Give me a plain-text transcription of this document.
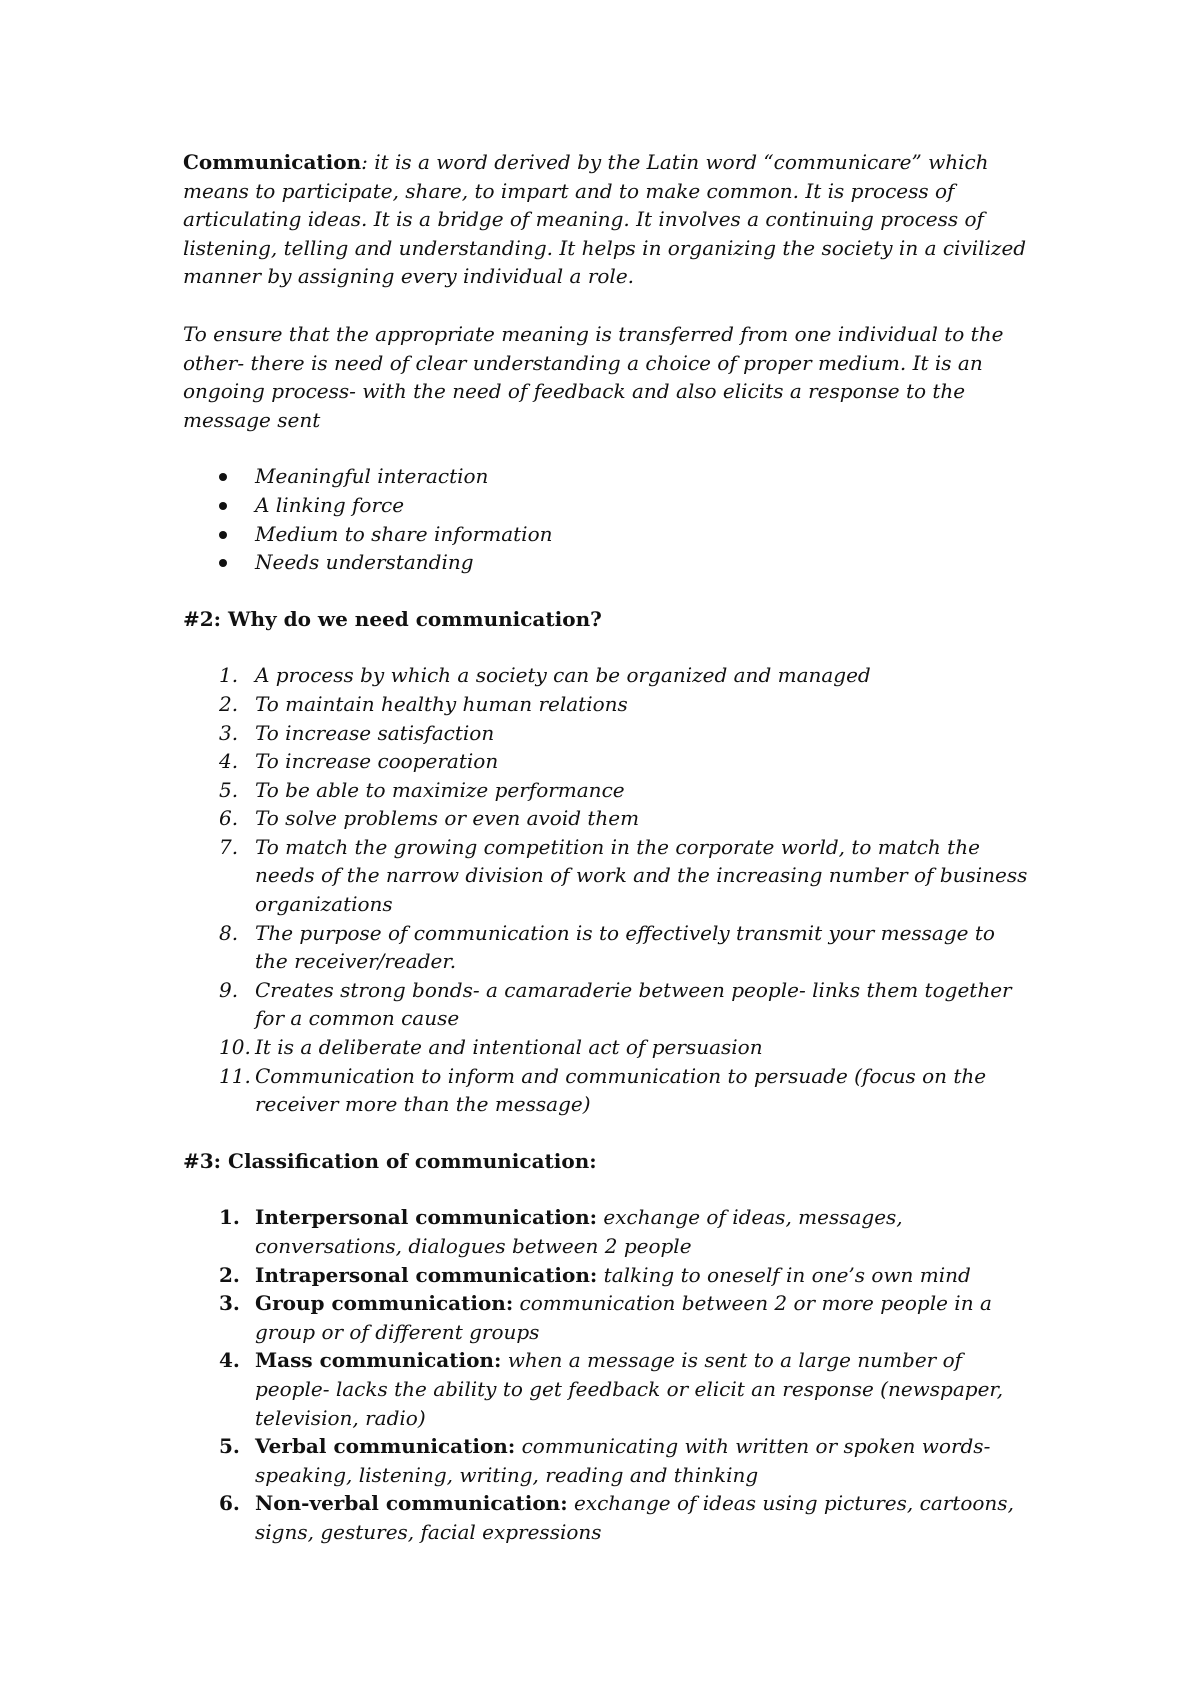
Communication: it is a word derived by the Latin word “communicare” which means to participate, share, to impart and to make common. It is process of articulating ideas. It is a bridge of meaning. It involves a continuing process of listening, telling and understanding. It helps in organizing the society in a civilized manner by assigning every individual a role.

To ensure that the appropriate meaning is transferred from one individual to the other- there is need of clear understanding a choice of proper medium. It is an ongoing process- with the need of feedback and also elicits a response to the message sent

Meaningful interaction
A linking force
Medium to share information
Needs understanding
#2: Why do we need communication?
1. A process by which a society can be organized and managed
2. To maintain healthy human relations
3. To increase satisfaction
4. To increase cooperation
5. To be able to maximize performance
6. To solve problems or even avoid them
7. To match the growing competition in the corporate world, to match the needs of the narrow division of work and the increasing number of business organizations
8. The purpose of communication is to effectively transmit your message to the receiver/reader.
9. Creates strong bonds- a camaraderie between people- links them together for a common cause
10. It is a deliberate and intentional act of persuasion
11. Communication to inform and communication to persuade (focus on the receiver more than the message)
#3: Classification of communication:
1. Interpersonal communication: exchange of ideas, messages, conversations, dialogues between 2 people
2. Intrapersonal communication: talking to oneself in one’s own mind
3. Group communication: communication between 2 or more people in a group or of different groups
4. Mass communication: when a message is sent to a large number of people- lacks the ability to get feedback or elicit an response (newspaper, television, radio)
5. Verbal communication: communicating with written or spoken words- speaking, listening, writing, reading and thinking
6. Non-verbal communication: exchange of ideas using pictures, cartoons, signs, gestures, facial expressions
